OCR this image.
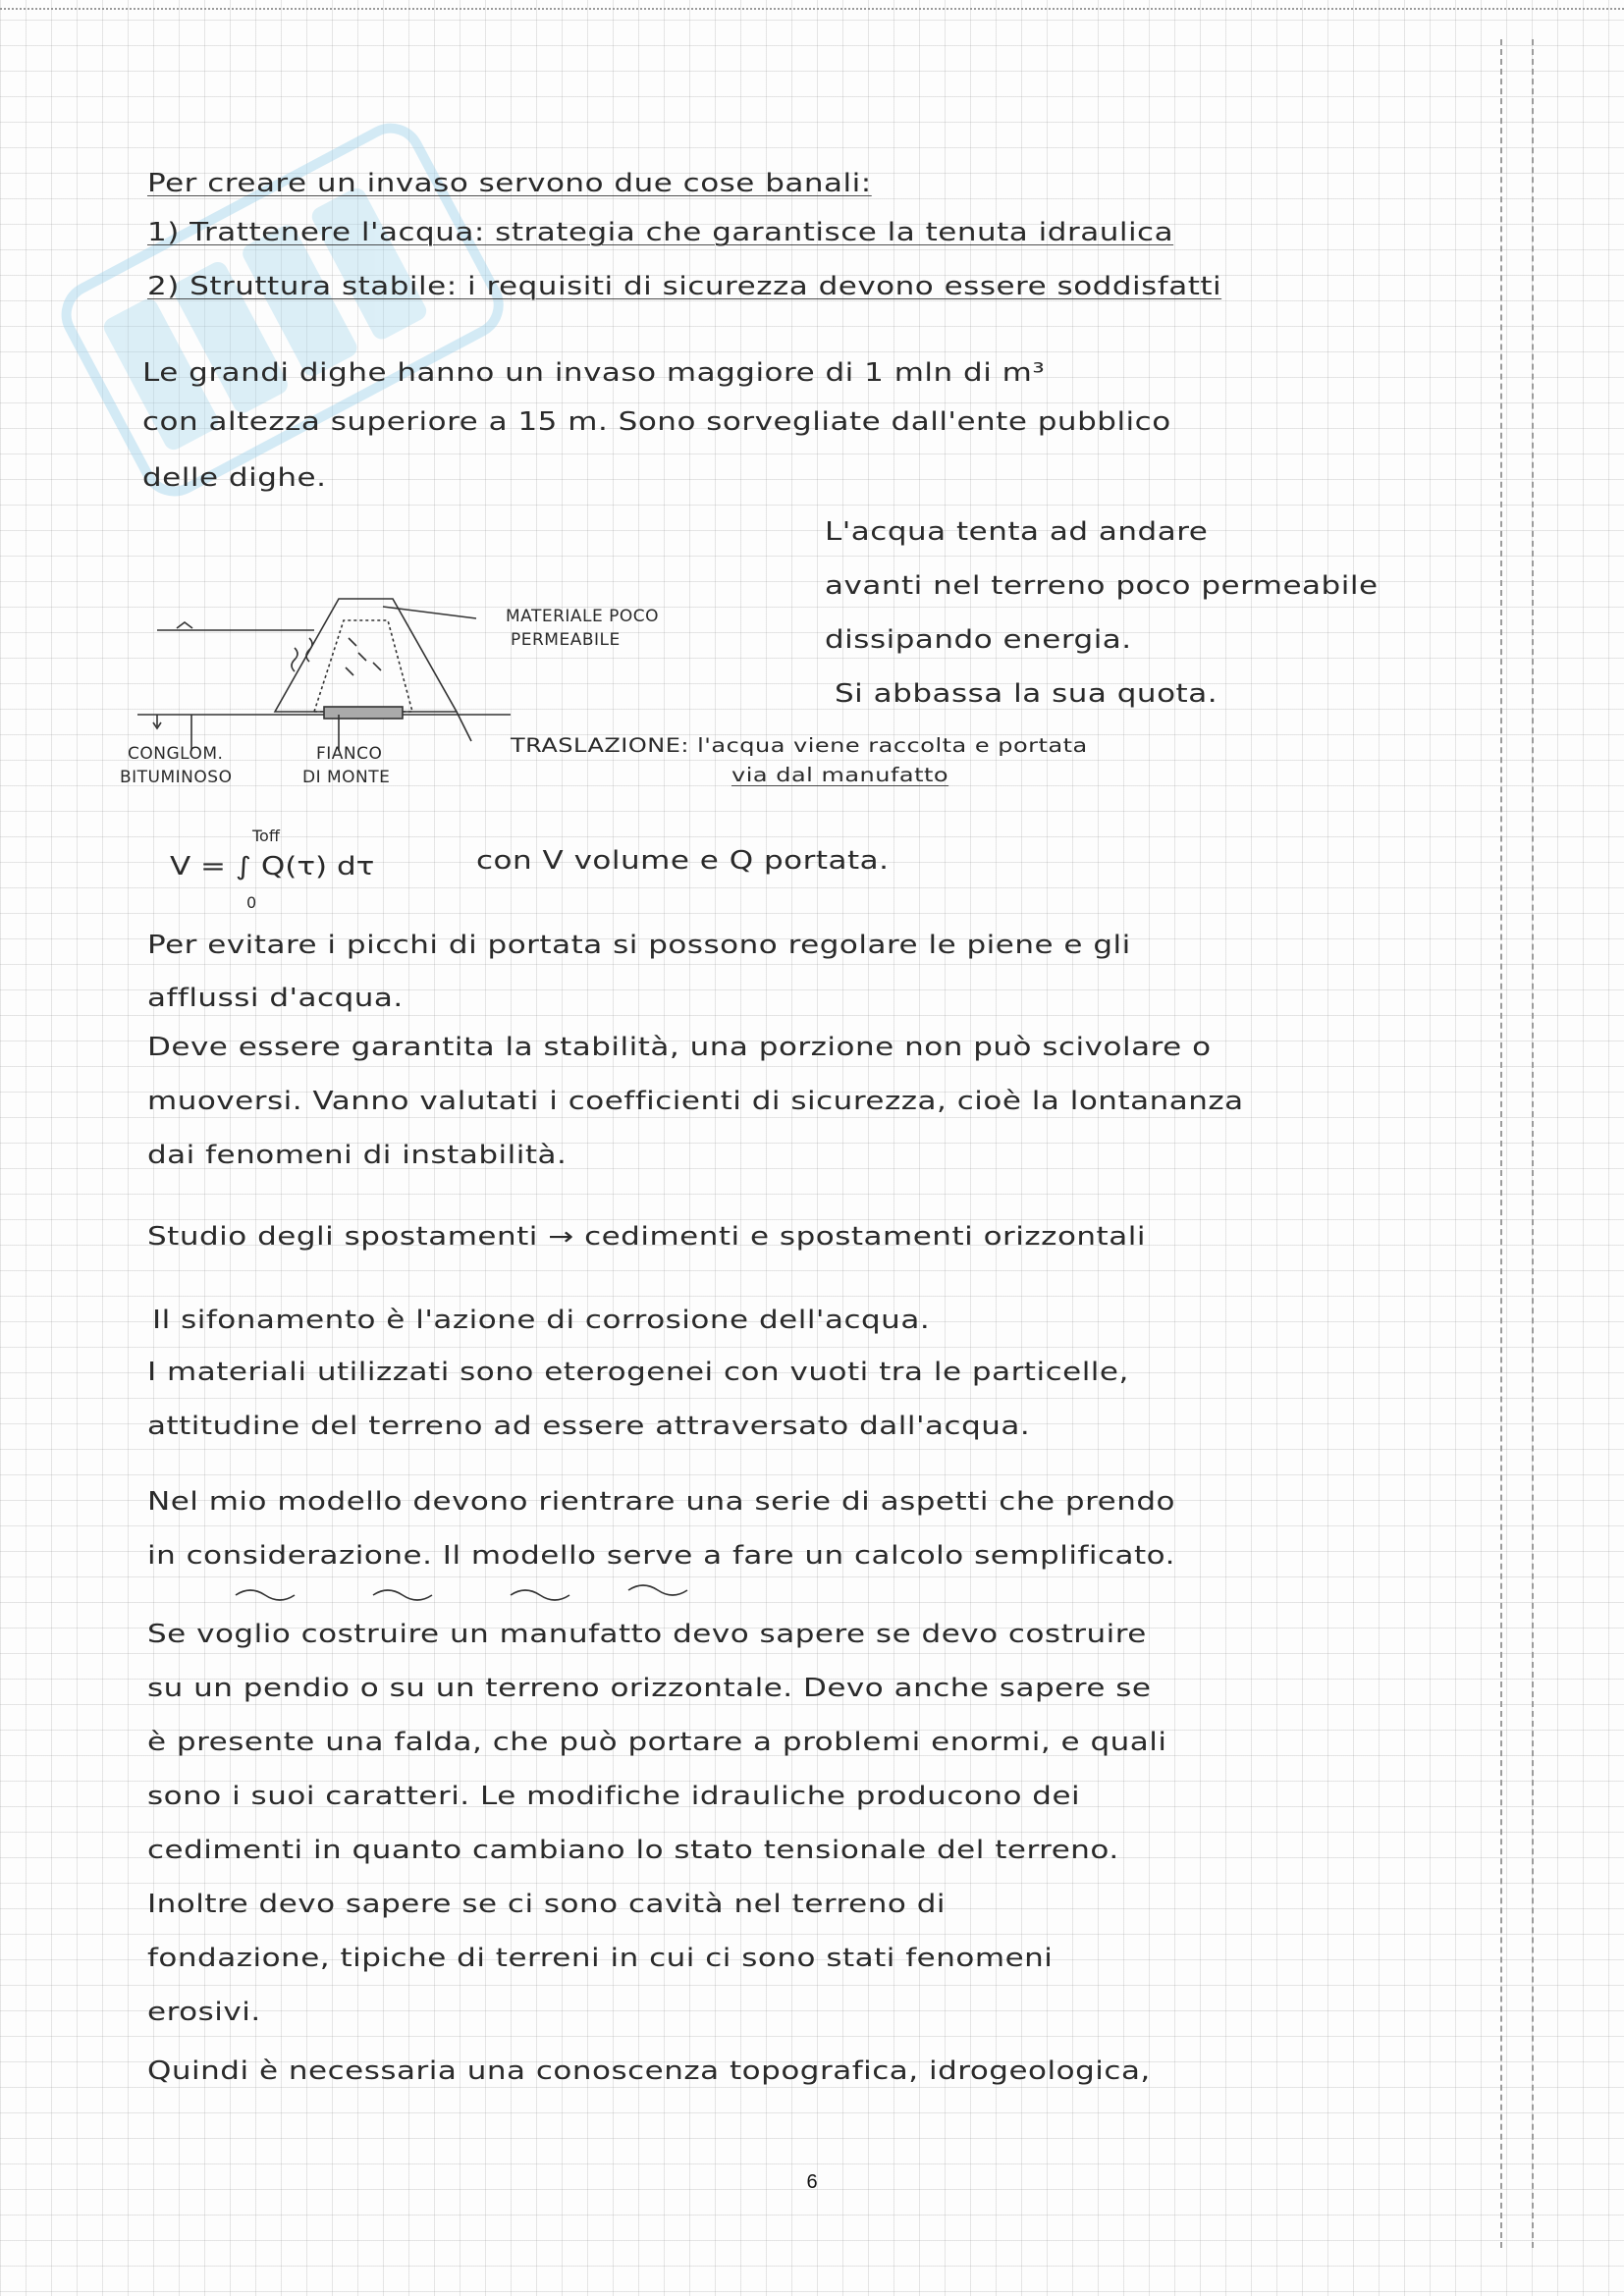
MATERIALE POCO
PERMEABILE
CONGLOM.
BITUMINOSO
FIANCO
DI MONTE
Per creare un invaso servono due cose banali:
1) Trattenere l'acqua: strategia che garantisce la tenuta idraulica
2) Struttura stabile: i requisiti di sicurezza devono essere soddisfatti
Le grandi dighe hanno un invaso maggiore di 1 mln di m³
con altezza superiore a 15 m. Sono sorvegliate dall'ente pubblico
delle dighe.
L'acqua tenta ad andare
avanti nel terreno poco permeabile
dissipando energia.
Si abbassa la sua quota.
TRASLAZIONE: l'acqua viene raccolta e portata
via dal manufatto
Toff
V = ∫ Q(τ) dτ
0
con V volume e Q portata.
Per evitare i picchi di portata si possono regolare le piene e gli
afflussi d'acqua.
Deve essere garantita la stabilità, una porzione non può scivolare o
muoversi. Vanno valutati i coefficienti di sicurezza, cioè la lontananza
dai fenomeni di instabilità.
Studio degli spostamenti → cedimenti e spostamenti orizzontali
Il sifonamento è l'azione di corrosione dell'acqua.
I materiali utilizzati sono eterogenei con vuoti tra le particelle,
attitudine del terreno ad essere attraversato dall'acqua.
Nel mio modello devono rientrare una serie di aspetti che prendo
in considerazione. Il modello serve a fare un calcolo semplificato.
Se voglio costruire un manufatto devo sapere se devo costruire
su un pendio o su un terreno orizzontale. Devo anche sapere se
è presente una falda, che può portare a problemi enormi, e quali
sono i suoi caratteri. Le modifiche idrauliche producono dei
cedimenti in quanto cambiano lo stato tensionale del terreno.
Inoltre devo sapere se ci sono cavità nel terreno di
fondazione, tipiche di terreni in cui ci sono stati fenomeni
erosivi.
Quindi è necessaria una conoscenza topografica, idrogeologica,
6
